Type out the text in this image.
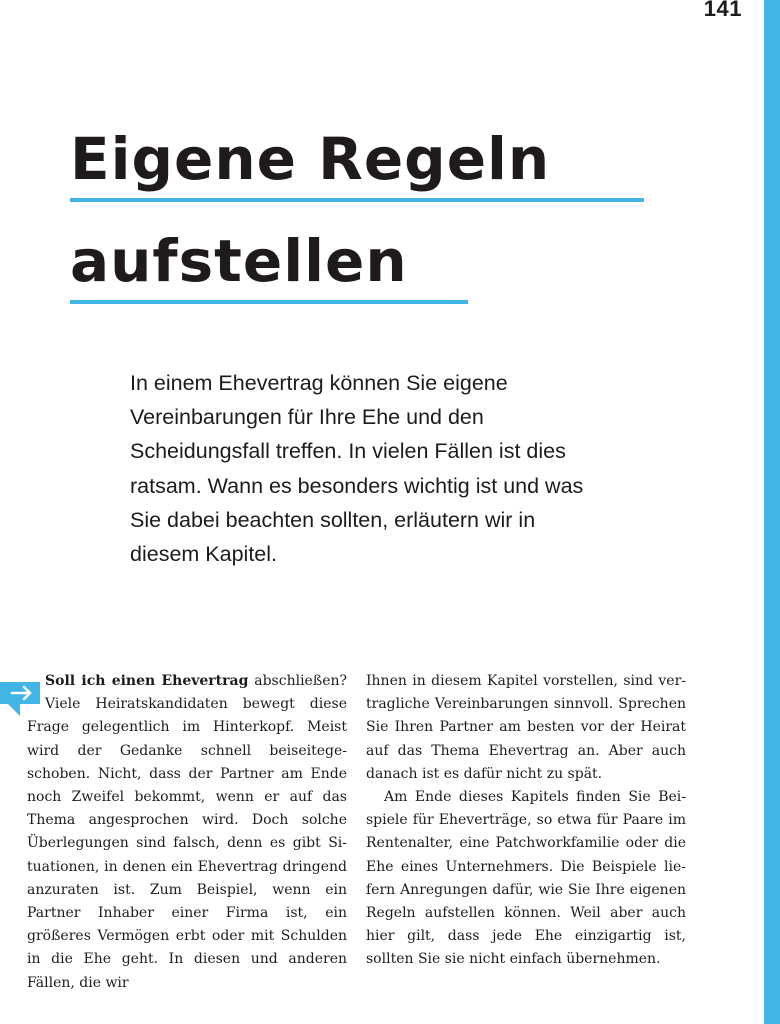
141
Eigene Regeln
aufstellen

In einem Ehevertrag können Sie eigene Vereinbarungen für Ihre Ehe und den Scheidungsfall treffen. In vielen Fällen ist dies ratsam. Wann es besonders wichtig ist und was Sie dabei beachten sollten, erläutern wir in diesem Kapitel.

Soll ich einen Ehevertrag abschließen? Viele Heiratskandidaten bewegt diese Frage gelegentlich im Hinterkopf. Meist wird der Gedanke schnell beiseitegeschoben. Nicht, dass der Partner am Ende noch Zweifel bekommt, wenn er auf das Thema angesprochen wird. Doch solche Überlegungen sind falsch, denn es gibt Situationen, in denen ein Ehevertrag dringend anzuraten ist. Zum Beispiel, wenn ein Partner Inhaber einer Firma ist, ein größeres Vermögen erbt oder mit Schulden in die Ehe geht. In diesen und anderen Fällen, die wir

Ihnen in diesem Kapitel vorstellen, sind vertragliche Vereinbarungen sinnvoll. Sprechen Sie Ihren Partner am besten vor der Heirat auf das Thema Ehevertrag an. Aber auch danach ist es dafür nicht zu spät.

Am Ende dieses Kapitels finden Sie Beispiele für Eheverträge, so etwa für Paare im Rentenalter, eine Patchworkfamilie oder die Ehe eines Unternehmers. Die Beispiele liefern Anregungen dafür, wie Sie Ihre eigenen Regeln aufstellen können. Weil aber auch hier gilt, dass jede Ehe einzigartig ist, sollten Sie sie nicht einfach übernehmen.
